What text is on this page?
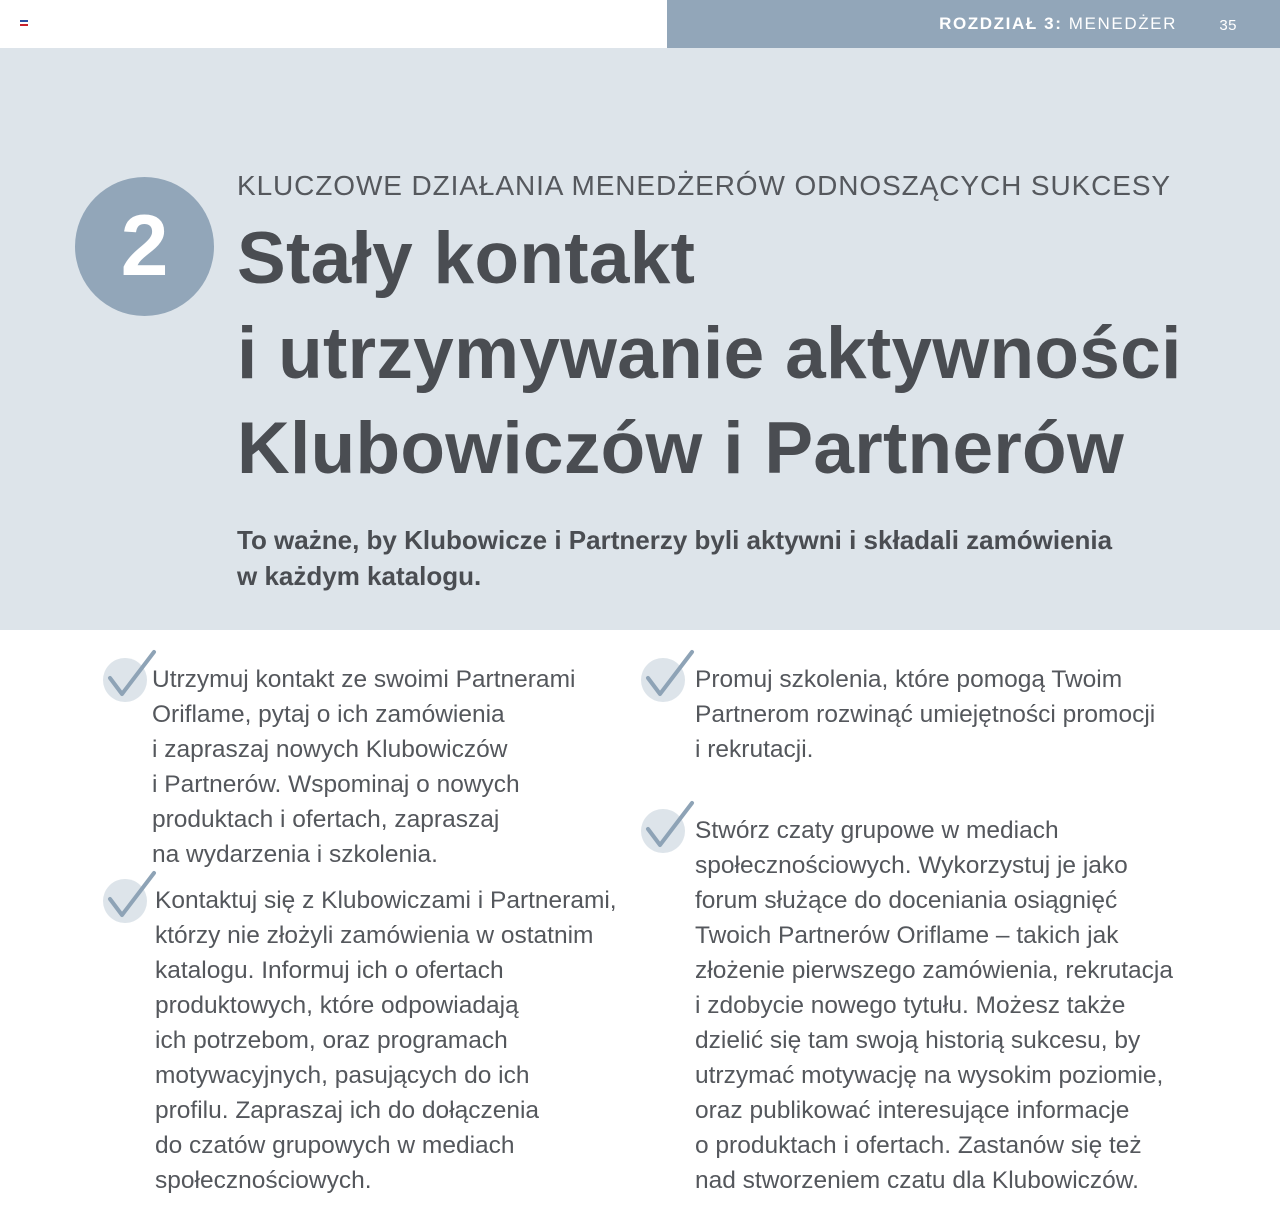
ROZDZIAŁ 3: MENEDŻER	35
2
KLUCZOWE DZIAŁANIA MENEDŻERÓW ODNOSZĄCYCH SUKCESY
Stały kontakt
i utrzymywanie aktywności
Klubowiczów i Partnerów
To ważne, by Klubowicze i Partnerzy byli aktywni i składali zamówienia
w każdym katalogu.
Utrzymuj kontakt ze swoimi Partnerami
Oriflame, pytaj o ich zamówienia
i zapraszaj nowych Klubowiczów
i Partnerów. Wspominaj o nowych
produktach i ofertach, zapraszaj
na wydarzenia i szkolenia.
Kontaktuj się z Klubowiczami i Partnerami,
którzy nie złożyli zamówienia w ostatnim
katalogu. Informuj ich o ofertach
produktowych, które odpowiadają
ich potrzebom, oraz programach
motywacyjnych, pasujących do ich
profilu. Zapraszaj ich do dołączenia
do czatów grupowych w mediach
społecznościowych.
Promuj szkolenia, które pomogą Twoim
Partnerom rozwinąć umiejętności promocji
i rekrutacji.
Stwórz czaty grupowe w mediach
społecznościowych. Wykorzystuj je jako
forum służące do doceniania osiągnięć
Twoich Partnerów Oriflame – takich jak
złożenie pierwszego zamówienia, rekrutacja
i zdobycie nowego tytułu. Możesz także
dzielić się tam swoją historią sukcesu, by
utrzymać motywację na wysokim poziomie,
oraz publikować interesujące informacje
o produktach i ofertach. Zastanów się też
nad stworzeniem czatu dla Klubowiczów.
